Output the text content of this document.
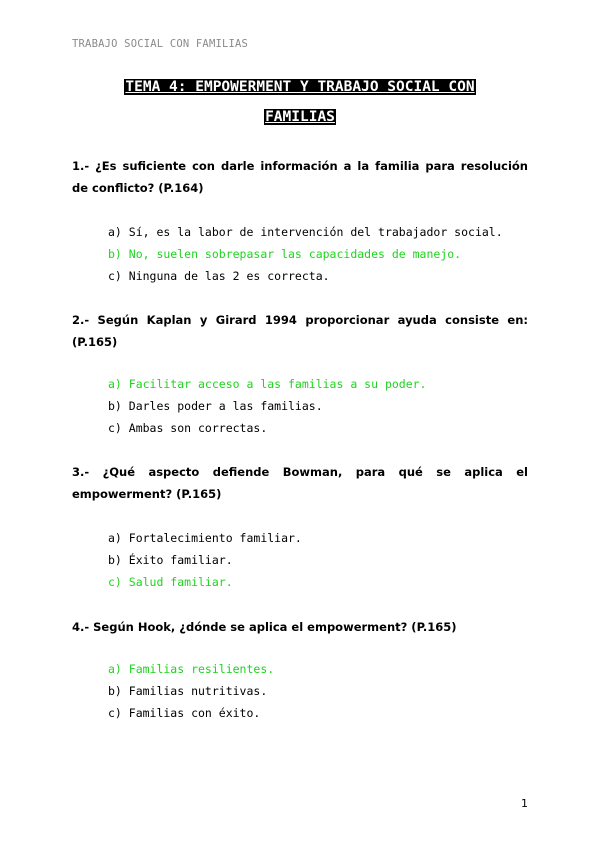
TRABAJO SOCIAL CON FAMILIAS
TEMA 4: EMPOWERMENT Y TRABAJO SOCIAL CON
FAMILIAS
1.- ¿Es suficiente con darle información a la familia para resolución de conflicto? (P.164)
a) Sí, es la labor de intervención del trabajador social.
b) No, suelen sobrepasar las capacidades de manejo.
c) Ninguna de las 2 es correcta.
2.- Según Kaplan y Girard 1994 proporcionar ayuda consiste en: (P.165)
a) Facilitar acceso a las familias a su poder.
b) Darles poder a las familias.
c) Ambas son correctas.
3.- ¿Qué aspecto defiende Bowman, para qué se aplica el empowerment? (P.165)
a) Fortalecimiento familiar.
b) Éxito familiar.
c) Salud familiar.
4.- Según Hook, ¿dónde se aplica el empowerment? (P.165)
a) Familias resilientes.
b) Familias nutritivas.
c) Familias con éxito.
1
